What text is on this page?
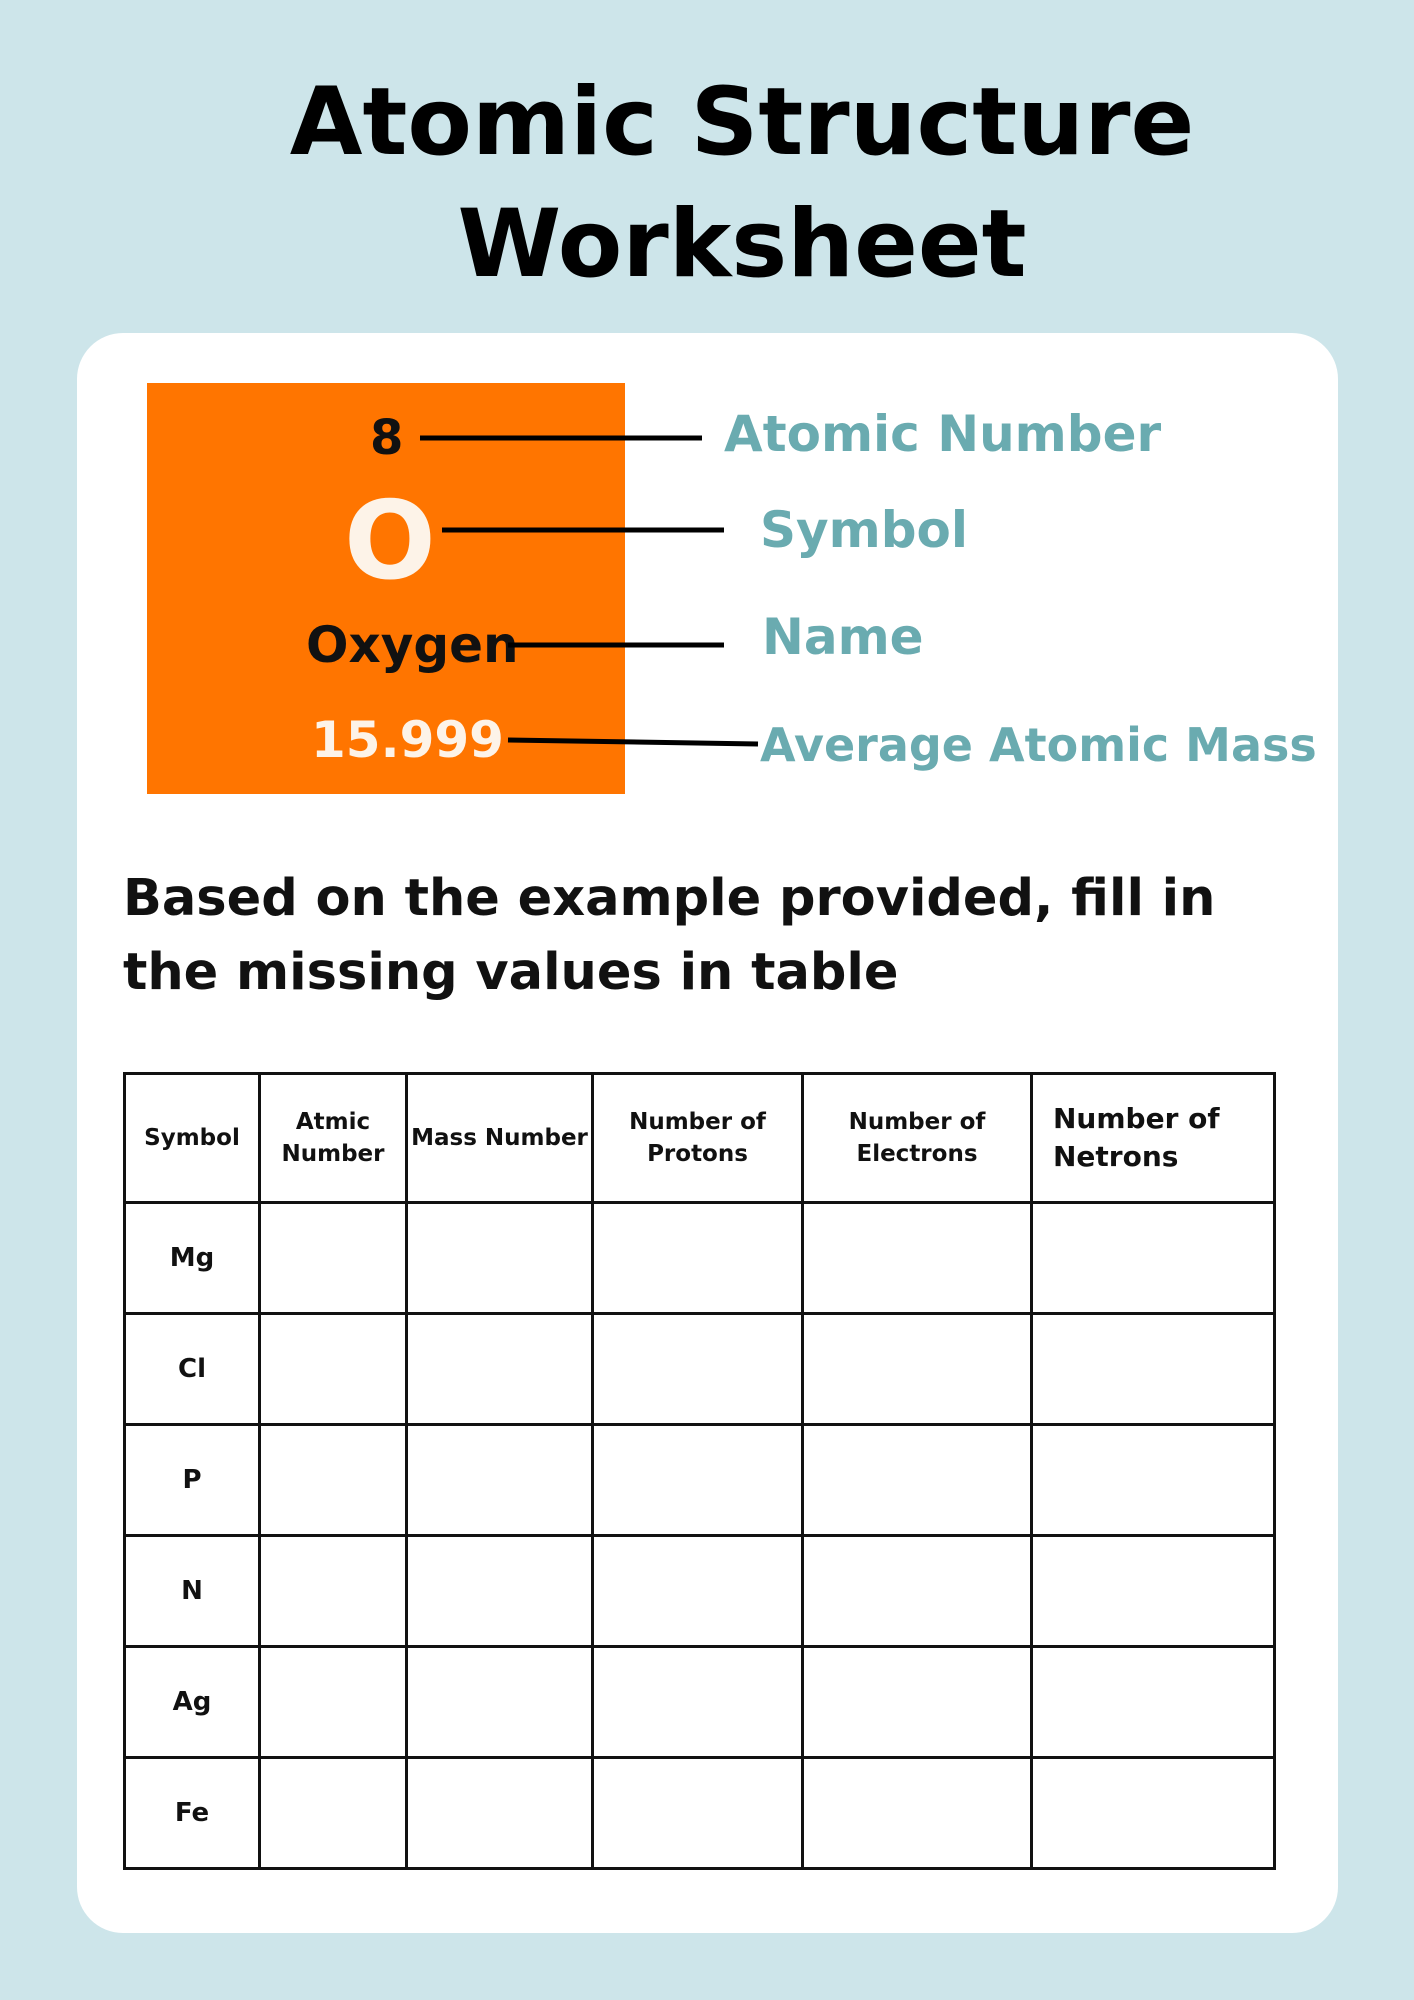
Atomic Structure
Worksheet
8
O
Oxygen
15.999
Atomic Number
Symbol
Name
Average Atomic Mass

Based on the example provided, fill in the missing values in table

Symbol	Atmic Number	Mass Number	Number of Protons	Number of Electrons	Number of Netrons
Mg					
Cl					
P					
N					
Ag					
Fe					
